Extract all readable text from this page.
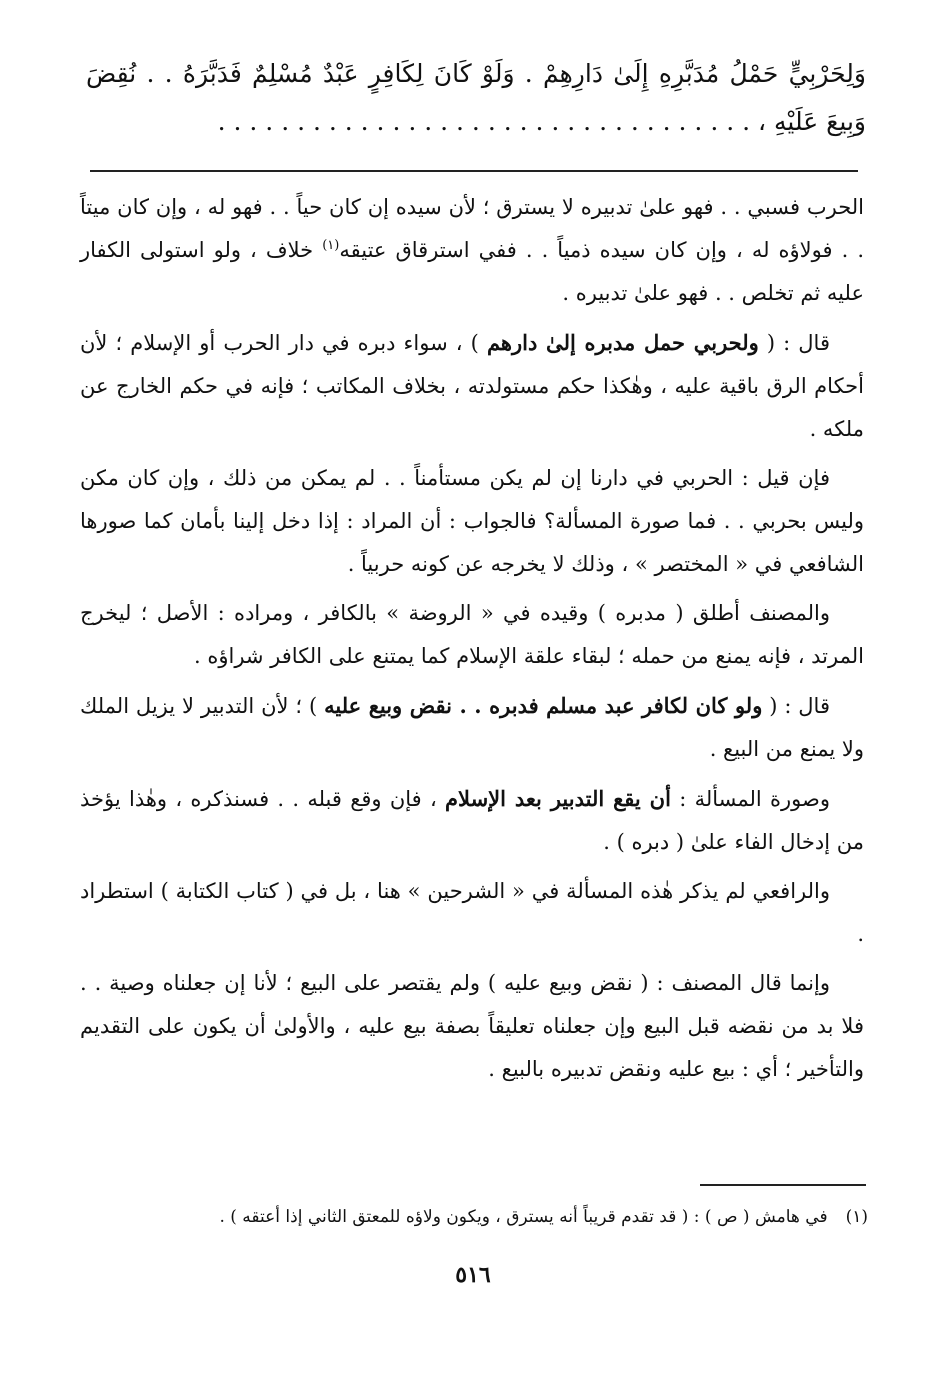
وَلِحَرْبِيٍّ حَمْلُ مُدَبَّرِهِ إِلَىٰ دَارِهِمْ . وَلَوْ كَانَ لِكَافِرٍ عَبْدٌ مُسْلِمٌ فَدَبَّرَهُ . . نُقِضَ وَبِيعَ عَلَيْهِ ، . . . . . . . . . . . . . . . . . . . . . . . . . . . . . . . . . .

الحرب فسبي . . فهو علىٰ تدبيره لا يسترق ؛ لأن سيده إن كان حياً . . فهو له ، وإن كان ميتاً . . فولاؤه له ، وإن كان سيده ذمياً . . ففي استرقاق عتيقه$^{(١)}$ خلاف ، ولو استولى الكفار عليه ثم تخلص . . فهو علىٰ تدبيره .

قال : ( ولحربي حمل مدبره إلىٰ دارهم ) ، سواء دبره في دار الحرب أو الإسلام ؛ لأن أحكام الرق باقية عليه ، وهٰكذا حكم مستولدته ، بخلاف المكاتب ؛ فإنه في حكم الخارج عن ملكه .

فإن قيل : الحربي في دارنا إن لم يكن مستأمناً . . لم يمكن من ذلك ، وإن كان مكن وليس بحربي . . فما صورة المسألة؟ فالجواب : أن المراد : إذا دخل إلينا بأمان كما صورها الشافعي في « المختصر » ، وذلك لا يخرجه عن كونه حربياً .

والمصنف أطلق ( مدبره ) وقيده في « الروضة » بالكافر ، ومراده : الأصل ؛ ليخرج المرتد ، فإنه يمنع من حمله ؛ لبقاء علقة الإسلام كما يمتنع على الكافر شراؤه .

قال : ( ولو كان لكافر عبد مسلم فدبره . . نقض وبيع عليه ) ؛ لأن التدبير لا يزيل الملك ولا يمنع من البيع .

وصورة المسألة : أن يقع التدبير بعد الإسلام ، فإن وقع قبله . . فسنذكره ، وهٰذا يؤخذ من إدخال الفاء علىٰ ( دبره ) .

والرافعي لم يذكر هٰذه المسألة في « الشرحين » هنا ، بل في ( كتاب الكتابة ) استطراد .

وإنما قال المصنف : ( نقض وبيع عليه ) ولم يقتصر على البيع ؛ لأنا إن جعلناه وصية . . فلا بد من نقضه قبل البيع وإن جعلناه تعليقاً بصفة بيع عليه ، والأولىٰ أن يكون على التقديم والتأخير ؛ أي : بيع عليه ونقض تدبيره بالبيع .

(١)في هامش ( ص ) : ( قد تقدم قريباً أنه يسترق ، ويكون ولاؤه للمعتق الثاني إذا أعتقه ) .
٥١٦
